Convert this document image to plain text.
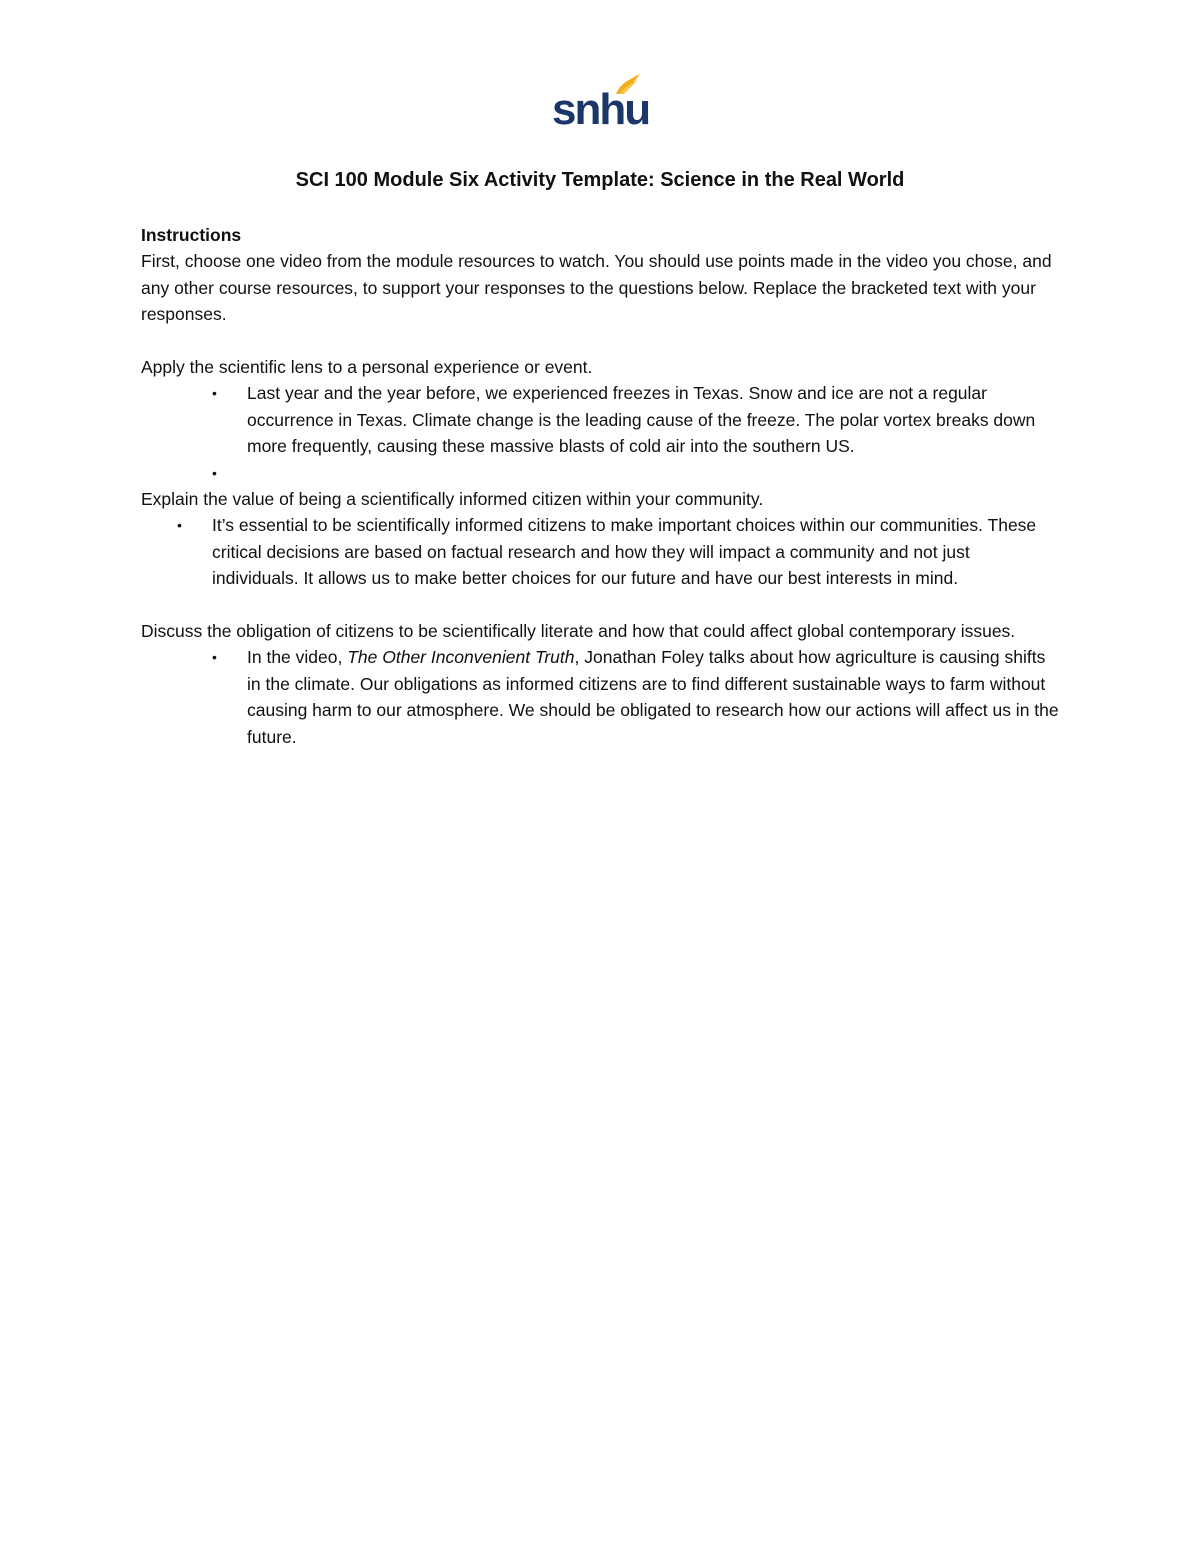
snhu
SCI 100 Module Six Activity Template: Science in the Real World

Instructions

First, choose one video from the module resources to watch. You should use points made in the video you chose, and any other course resources, to support your responses to the questions below. Replace the bracketed text with your responses.

Apply the scientific lens to a personal experience or event.

• Last year and the year before, we experienced freezes in Texas. Snow and ice are not a regular occurrence in Texas. Climate change is the leading cause of the freeze. The polar vortex breaks down more frequently, causing these massive blasts of cold air into the southern US.
•

Explain the value of being a scientifically informed citizen within your community.

• It’s essential to be scientifically informed citizens to make important choices within our communities. These critical decisions are based on factual research and how they will impact a community and not just individuals. It allows us to make better choices for our future and have our best interests in mind.

Discuss the obligation of citizens to be scientifically literate and how that could affect global contemporary issues.

• In the video, The Other Inconvenient Truth, Jonathan Foley talks about how agriculture is causing shifts in the climate. Our obligations as informed citizens are to find different sustainable ways to farm without causing harm to our atmosphere. We should be obligated to research how our actions will affect us in the future.
